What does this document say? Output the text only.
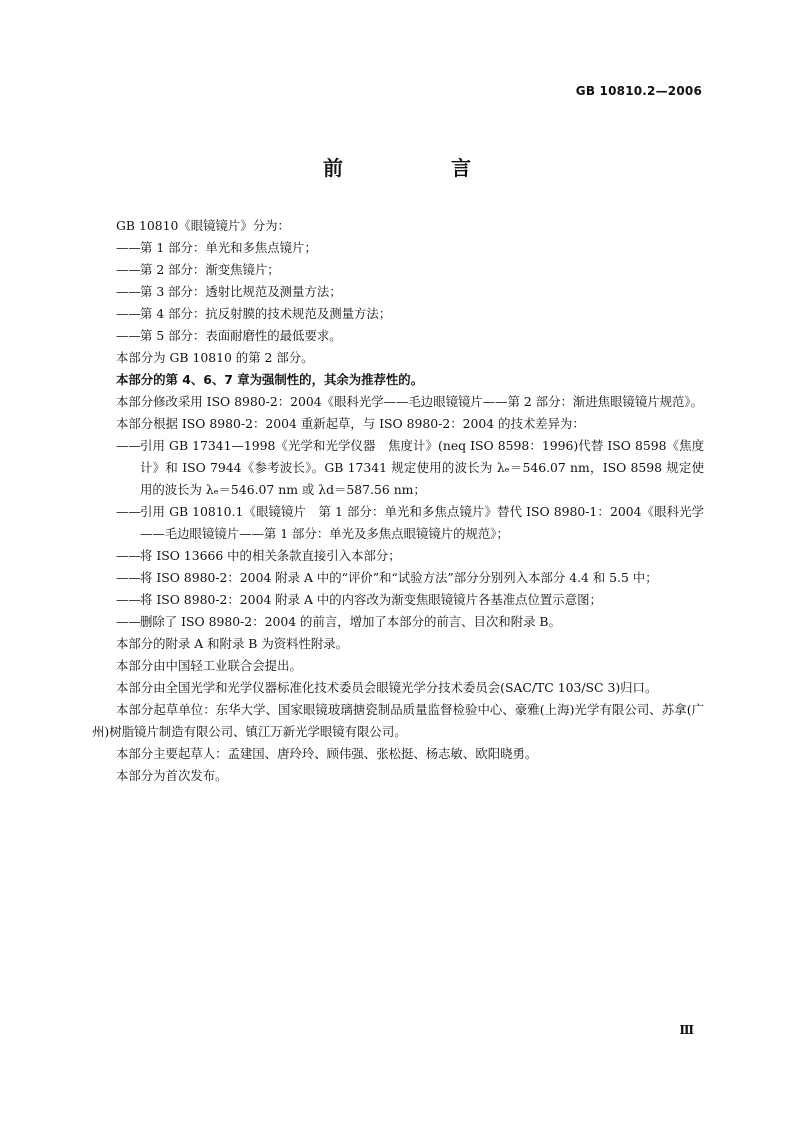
GB 10810.2—2006
前　言
GB 10810《眼镜镜片》分为：
—— 第 1 部分：单光和多焦点镜片；
—— 第 2 部分：渐变焦镜片；
—— 第 3 部分：透射比规范及测量方法；
—— 第 4 部分：抗反射膜的技术规范及测量方法；
—— 第 5 部分：表面耐磨性的最低要求。
本部分为 GB 10810 的第 2 部分。
本部分的第 4、6、7 章为强制性的，其余为推荐性的。
本部分修改采用 ISO 8980-2：2004《眼科光学——毛边眼镜镜片——第 2 部分：渐进焦眼镜镜片规范》。
本部分根据 ISO 8980-2：2004 重新起草，与 ISO 8980-2：2004 的技术差异为：
—— 引用 GB 17341—1998《光学和光学仪器　焦度计》(neq ISO 8598：1996)代替 ISO 8598《焦度计》和 ISO 7944《参考波长》。GB 17341 规定使用的波长为 λₑ＝546.07 nm，ISO 8598 规定使用的波长为 λₑ＝546.07 nm 或 λd＝587.56 nm；
—— 引用 GB 10810.1《眼镜镜片　第 1 部分：单光和多焦点镜片》替代 ISO 8980-1：2004《眼科光学——毛边眼镜镜片——第 1 部分：单光及多焦点眼镜镜片的规范》；
—— 将 ISO 13666 中的相关条款直接引入本部分；
—— 将 ISO 8980-2：2004 附录 A 中的“评价”和“试验方法”部分分别列入本部分 4.4 和 5.5 中；
—— 将 ISO 8980-2：2004 附录 A 中的内容改为渐变焦眼镜镜片各基准点位置示意图；
—— 删除了 ISO 8980-2：2004 的前言，增加了本部分的前言、目次和附录 B。
本部分的附录 A 和附录 B 为资料性附录。
本部分由中国轻工业联合会提出。
本部分由全国光学和光学仪器标准化技术委员会眼镜光学分技术委员会(SAC/TC 103/SC 3)归口。
本部分起草单位：东华大学、国家眼镜玻璃搪瓷制品质量监督检验中心、豪雅(上海)光学有限公司、苏拿(广州)树脂镜片制造有限公司、镇江万新光学眼镜有限公司。
本部分主要起草人：孟建国、唐玲玲、顾伟强、张松挺、杨志敏、欧阳晓勇。
本部分为首次发布。
Ⅲ
